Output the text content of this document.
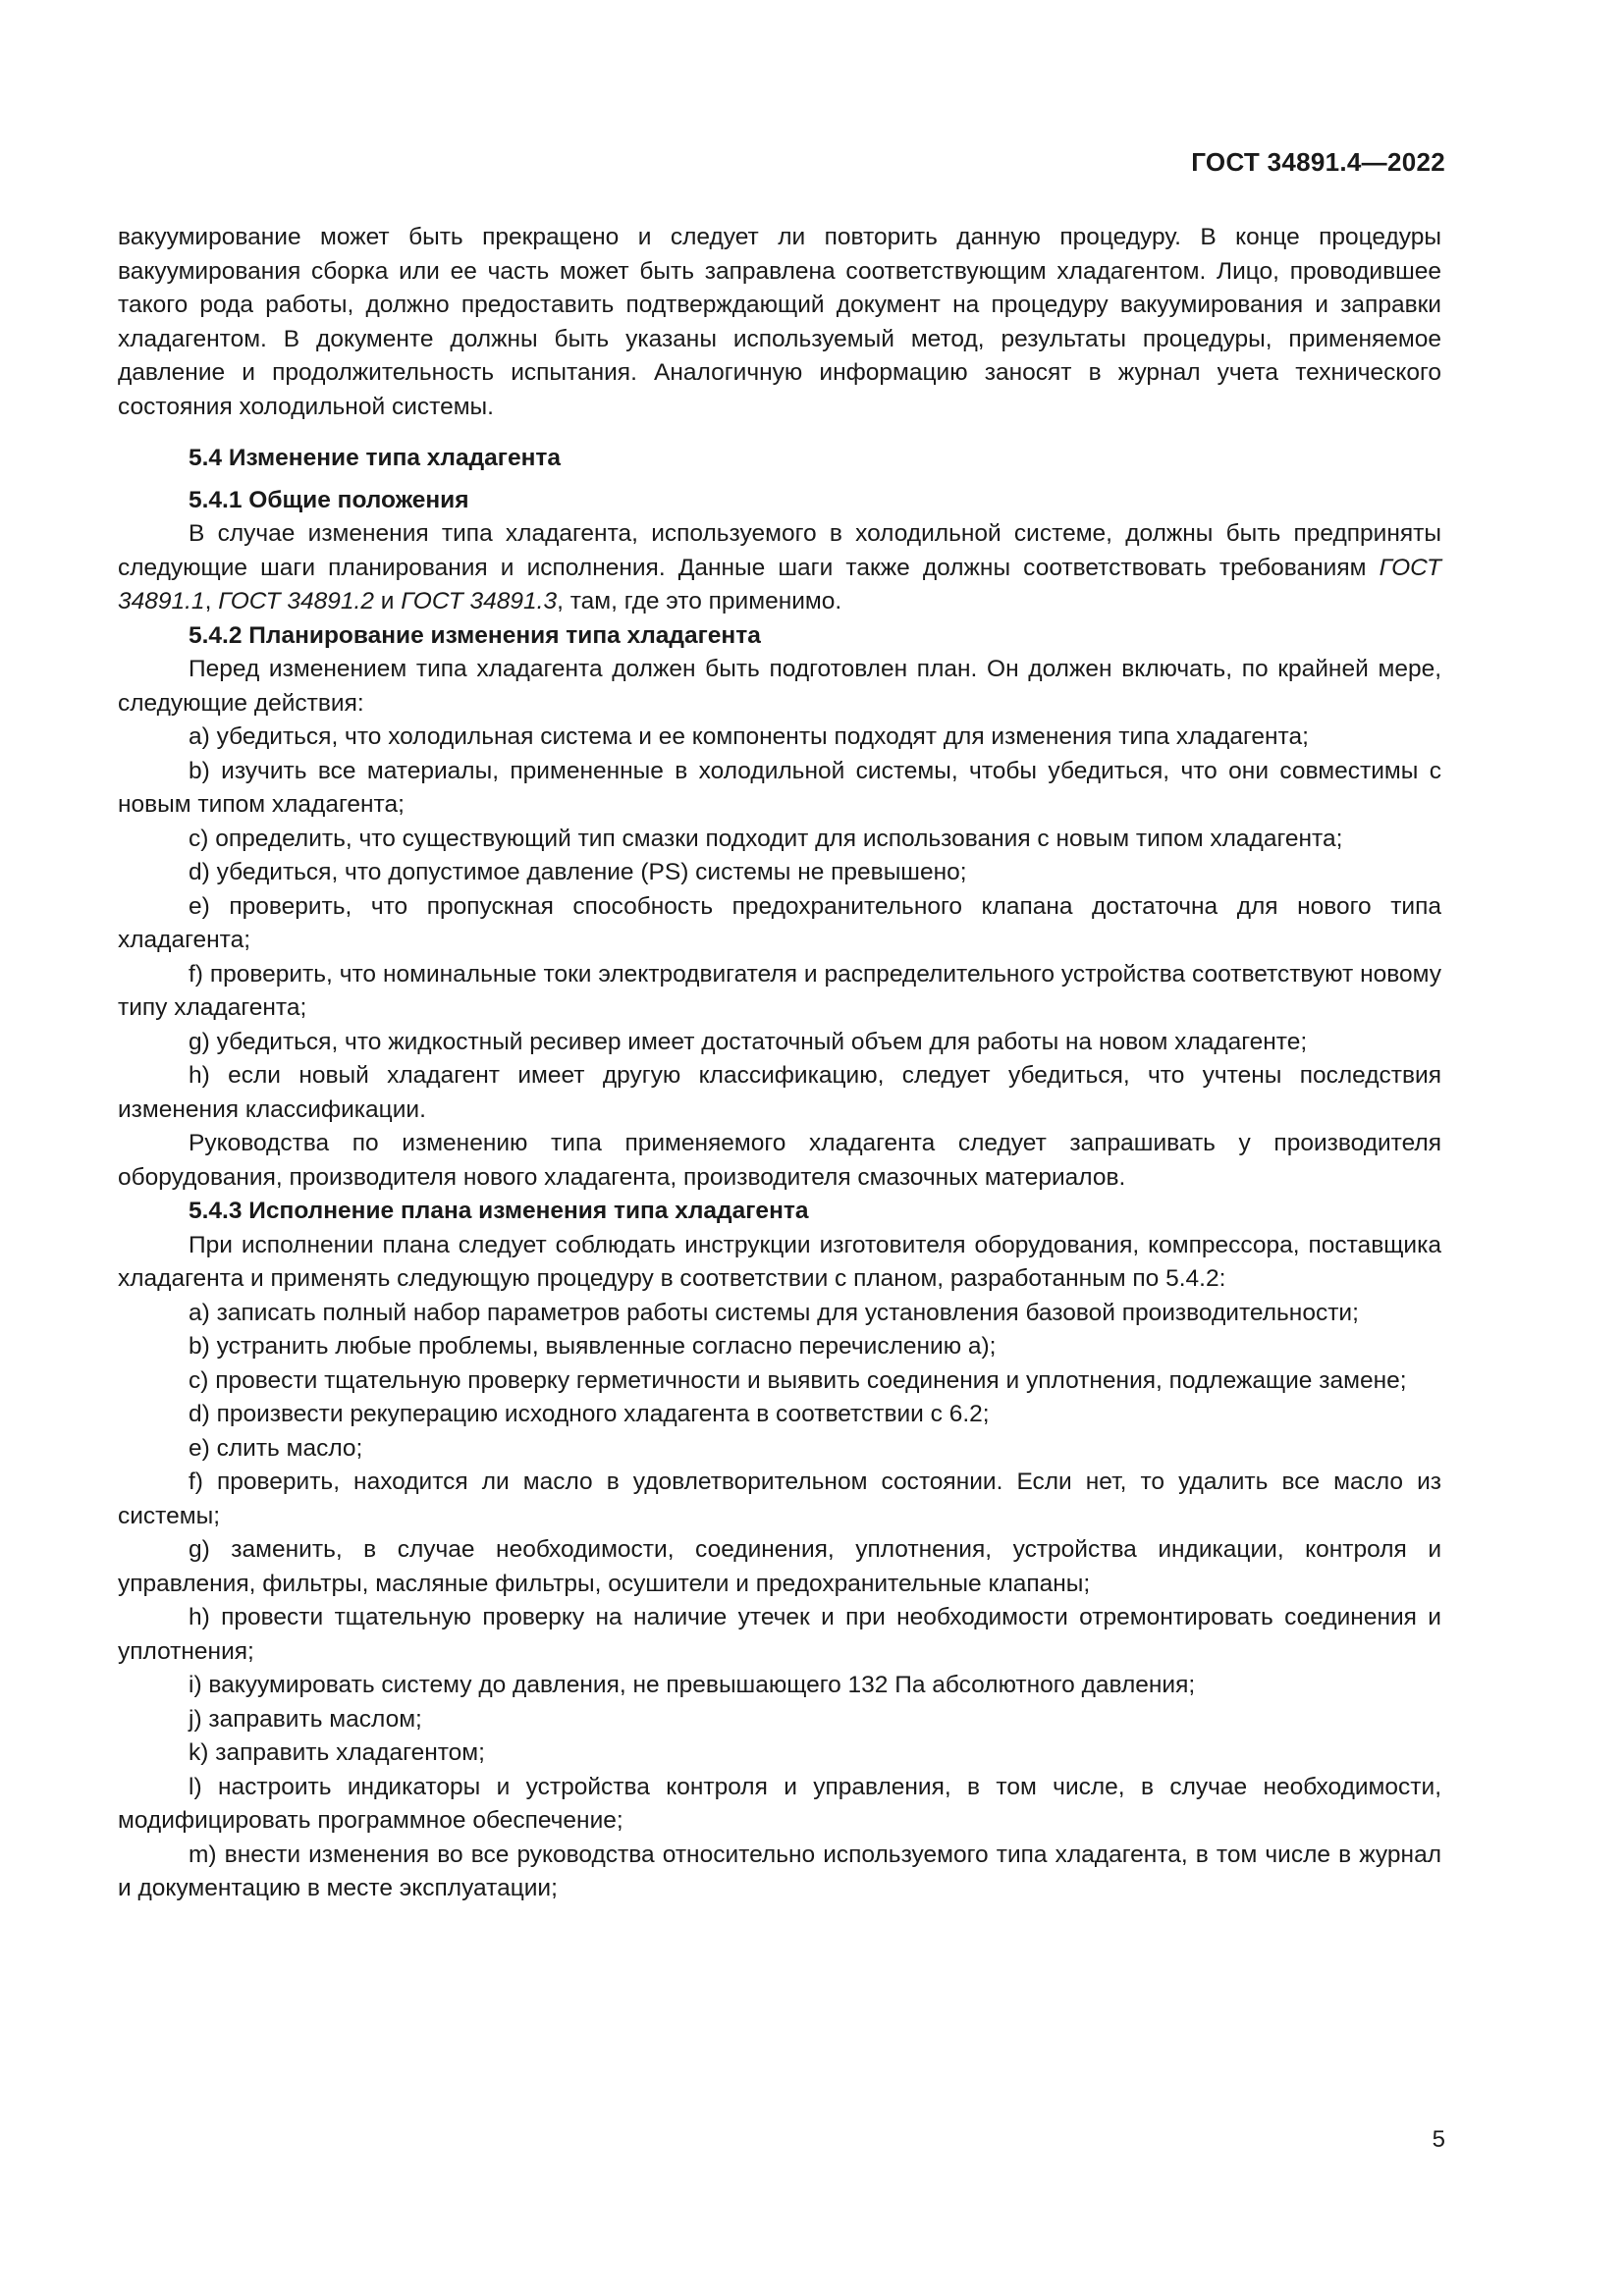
ГОСТ 34891.4—2022

вакуумирование может быть прекращено и следует ли повторить данную процедуру. В конце процедуры вакуумирования сборка или ее часть может быть заправлена соответствующим хладагентом. Лицо, проводившее такого рода работы, должно предоставить подтверждающий документ на процедуру вакуумирования и заправки хладагентом. В документе должны быть указаны используемый метод, результаты процедуры, применяемое давление и продолжительность испытания. Аналогичную информацию заносят в журнал учета технического состояния холодильной системы.

5.4 Изменение типа хладагента

5.4.1 Общие положения

В случае изменения типа хладагента, используемого в холодильной системе, должны быть предприняты следующие шаги планирования и исполнения. Данные шаги также должны соответствовать требованиям ГОСТ 34891.1, ГОСТ 34891.2 и ГОСТ 34891.3, там, где это применимо.

5.4.2 Планирование изменения типа хладагента

Перед изменением типа хладагента должен быть подготовлен план. Он должен включать, по крайней мере, следующие действия:

a) убедиться, что холодильная система и ее компоненты подходят для изменения типа хладагента;

b) изучить все материалы, примененные в холодильной системы, чтобы убедиться, что они совместимы с новым типом хладагента;

c) определить, что существующий тип смазки подходит для использования с новым типом хладагента;

d) убедиться, что допустимое давление (PS) системы не превышено;

e) проверить, что пропускная способность предохранительного клапана достаточна для нового типа хладагента;

f) проверить, что номинальные токи электродвигателя и распределительного устройства соответствуют новому типу хладагента;

g) убедиться, что жидкостный ресивер имеет достаточный объем для работы на новом хладагенте;

h) если новый хладагент имеет другую классификацию, следует убедиться, что учтены последствия изменения классификации.

Руководства по изменению типа применяемого хладагента следует запрашивать у производителя оборудования, производителя нового хладагента, производителя смазочных материалов.

5.4.3 Исполнение плана изменения типа хладагента

При исполнении плана следует соблюдать инструкции изготовителя оборудования, компрессора, поставщика хладагента и применять следующую процедуру в соответствии с планом, разработанным по 5.4.2:

a) записать полный набор параметров работы системы для установления базовой производительности;

b) устранить любые проблемы, выявленные согласно перечислению а);

c) провести тщательную проверку герметичности и выявить соединения и уплотнения, подлежащие замене;

d) произвести рекуперацию исходного хладагента в соответствии с 6.2;

e) слить масло;

f) проверить, находится ли масло в удовлетворительном состоянии. Если нет, то удалить все масло из системы;

g) заменить, в случае необходимости, соединения, уплотнения, устройства индикации, контроля и управления, фильтры, масляные фильтры, осушители и предохранительные клапаны;

h) провести тщательную проверку на наличие утечек и при необходимости отремонтировать соединения и уплотнения;

i) вакуумировать систему до давления, не превышающего 132 Па абсолютного давления;

j) заправить маслом;

k) заправить хладагентом;

l) настроить индикаторы и устройства контроля и управления, в том числе, в случае необходимости, модифицировать программное обеспечение;

m) внести изменения во все руководства относительно используемого типа хладагента, в том числе в журнал и документацию в месте эксплуатации;

5
